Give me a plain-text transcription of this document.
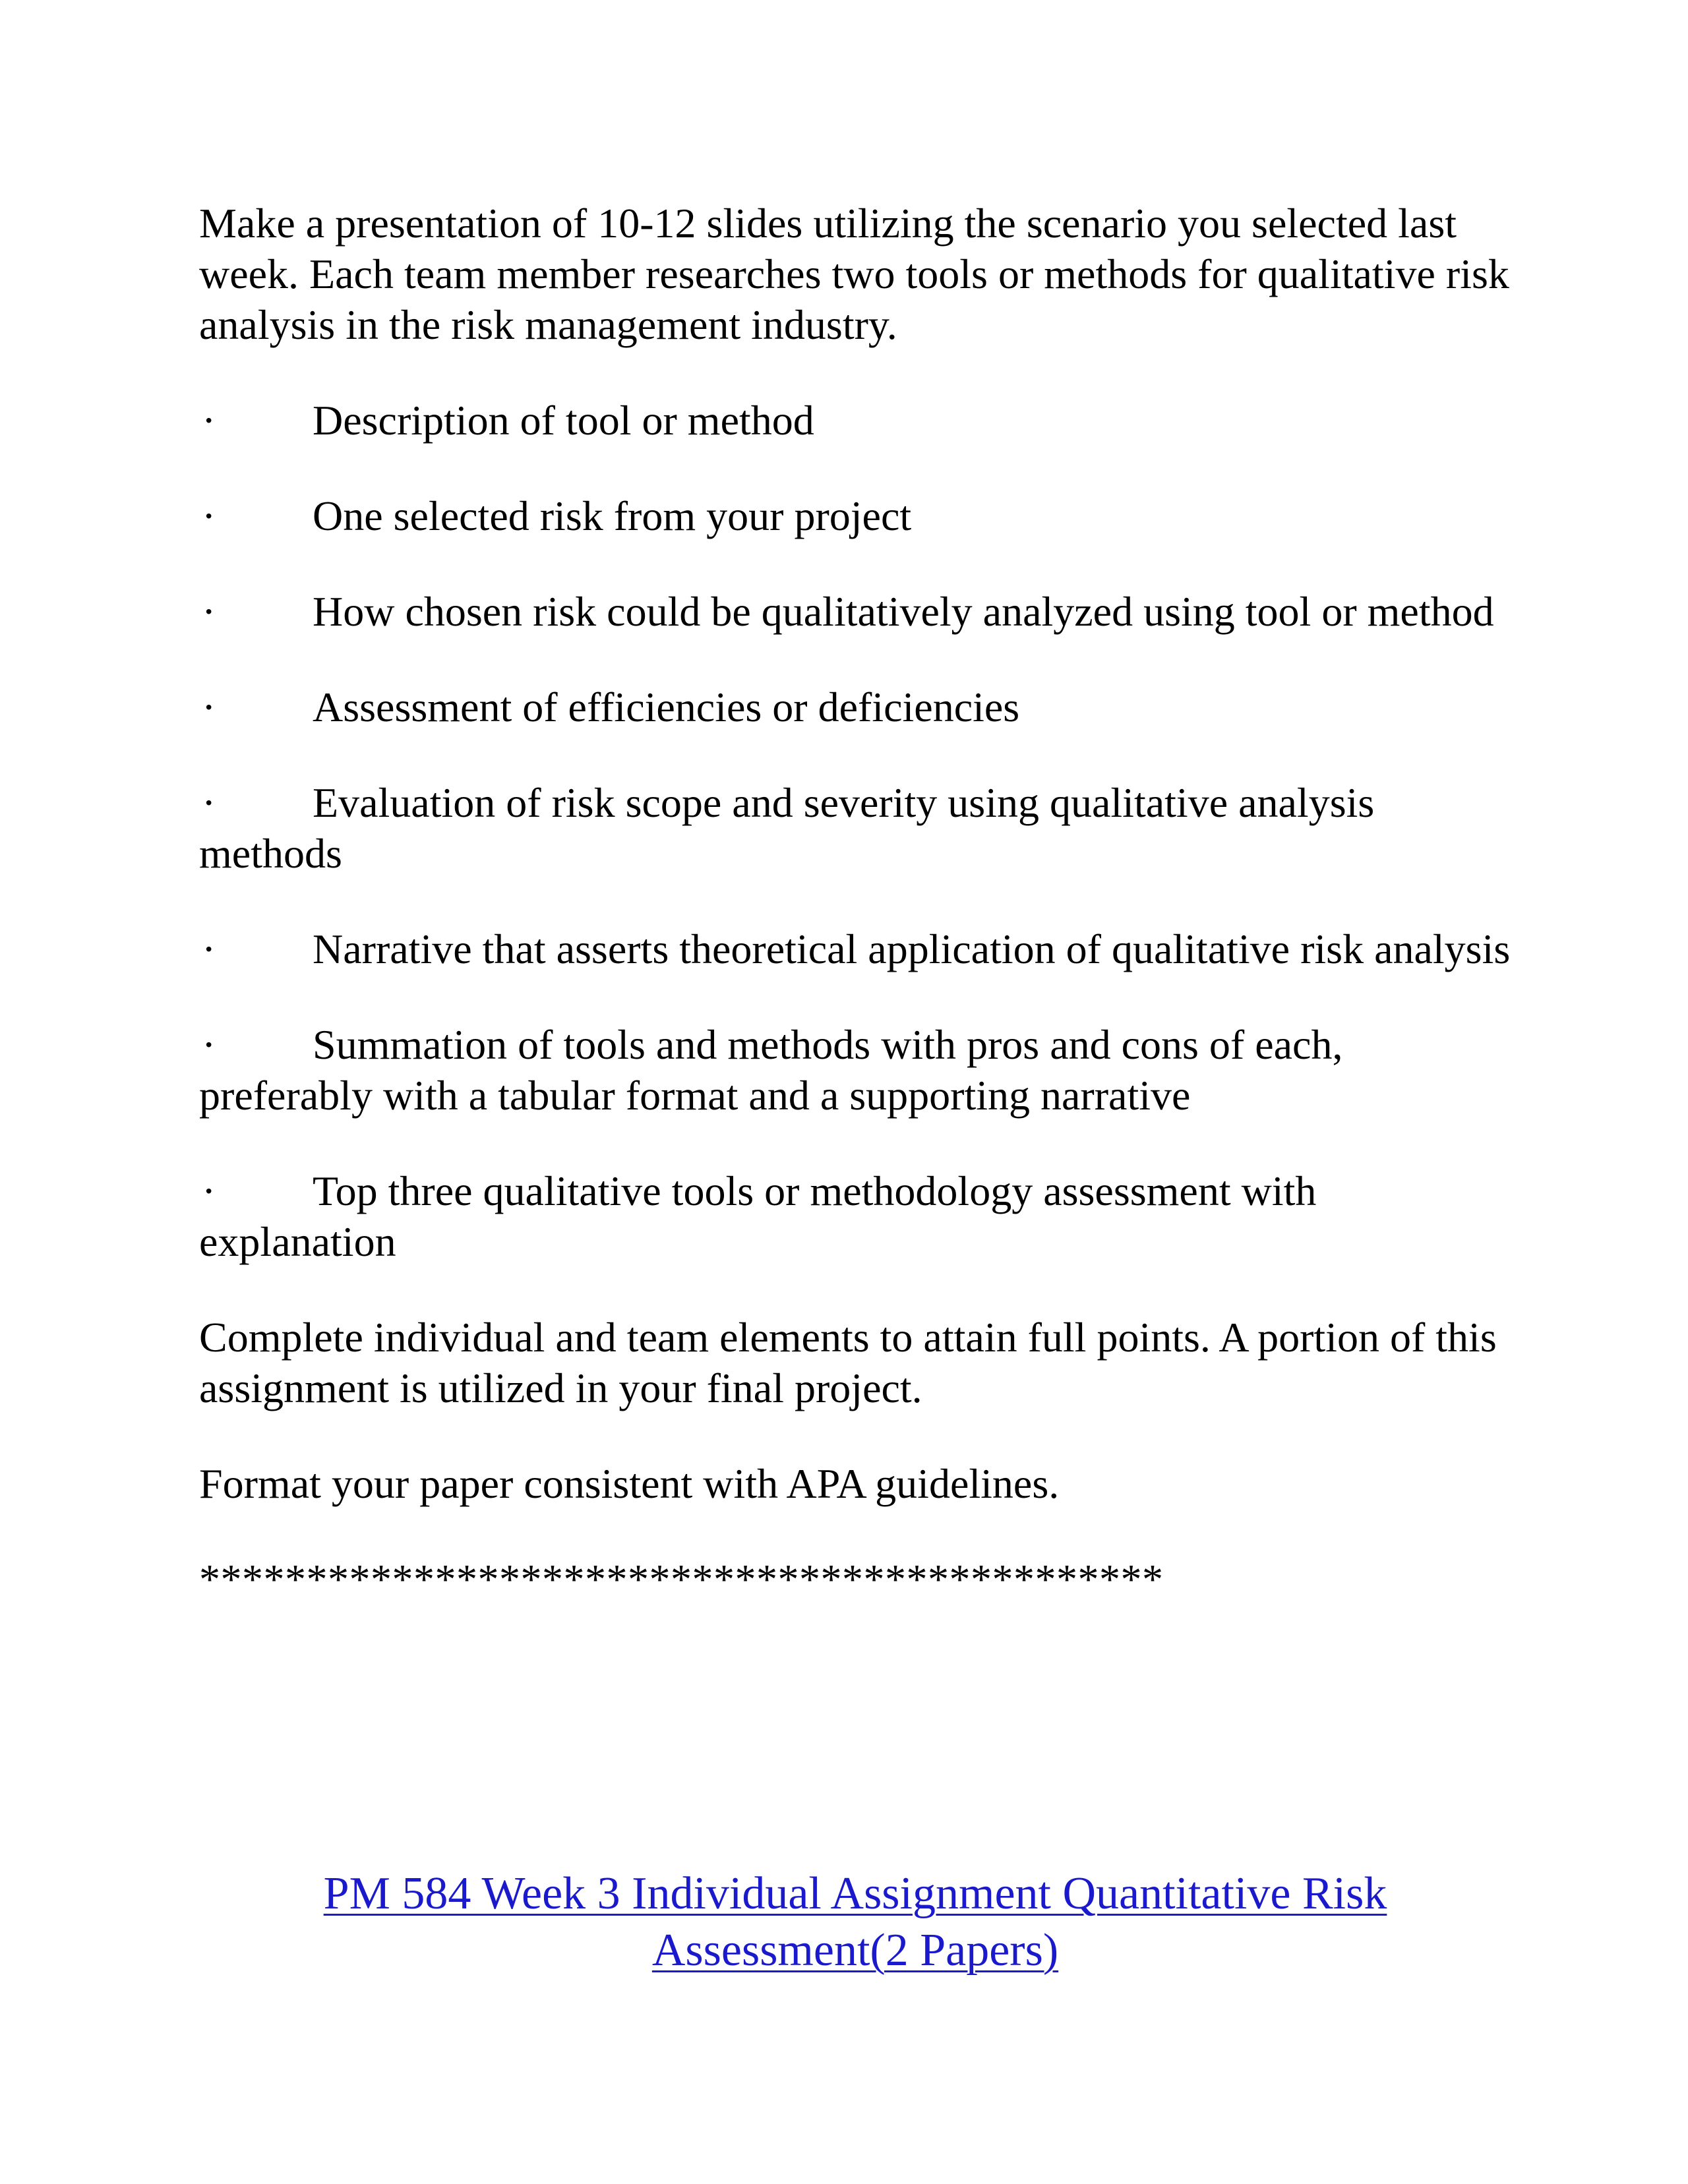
Make a presentation of 10-12 slides utilizing the scenario you selected last week. Each team member researches two tools or methods for qualitative risk analysis in the risk management industry.

· Description of tool or method

· One selected risk from your project

· How chosen risk could be qualitatively analyzed using tool or method

· Assessment of efficiencies or deficiencies

· Evaluation of risk scope and severity using qualitative analysis methods

· Narrative that asserts theoretical application of qualitative risk analysis

· Summation of tools and methods with pros and cons of each, preferably with a tabular format and a supporting narrative

· Top three qualitative tools or methodology assessment with explanation

Complete individual and team elements to attain full points. A portion of this assignment is utilized in your final project.

Format your paper consistent with APA guidelines.

*********************************************

PM 584 Week 3 Individual Assignment Quantitative Risk
Assessment(2 Papers)
